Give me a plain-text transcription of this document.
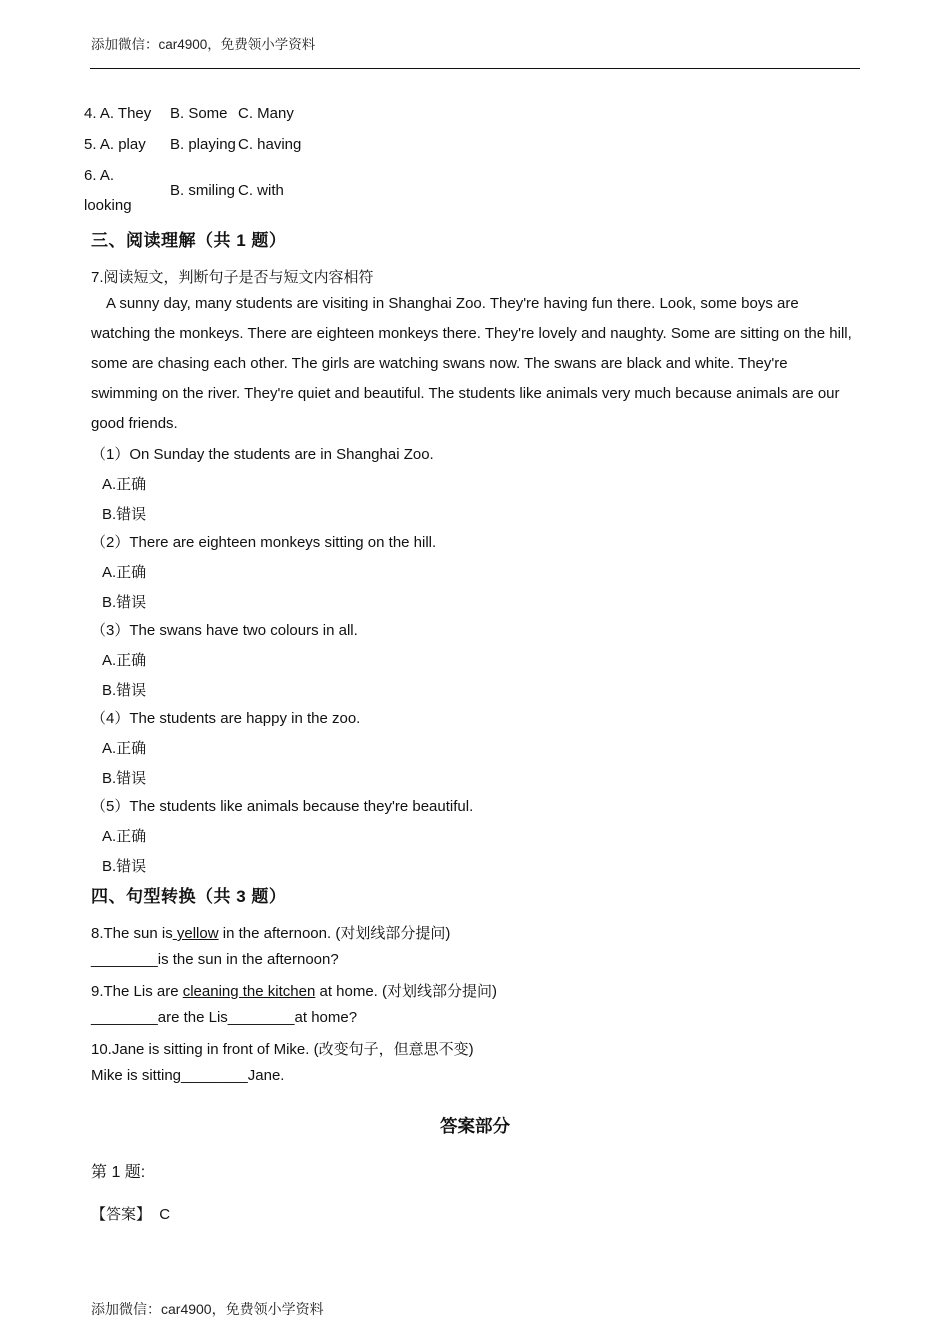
添加微信：car4900，免费领小学资料
4. A. They B. Some C. Many
5. A. play B. playing C. having
6. A.
looking
B. smiling C. with
三、阅读理解（共 1 题）
7.阅读短文，判断句子是否与短文内容相符
A sunny day, many students are visiting in Shanghai Zoo. They're having fun there. Look, some boys are watching the monkeys. There are eighteen monkeys there. They're lovely and naughty. Some are sitting on the hill, some are chasing each other. The girls are watching swans now. The swans are black and white. They're swimming on the river. They're quiet and beautiful. The students like animals very much because animals are our good friends.
（1）On Sunday the students are in Shanghai Zoo.
A.正确
B.错误
（2）There are eighteen monkeys sitting on the hill.
A.正确
B.错误
（3）The swans have two colours in all.
A.正确
B.错误
（4）The students are happy in the zoo.
A.正确
B.错误
（5）The students like animals because they're beautiful.
A.正确
B.错误
四、句型转换（共 3 题）
8.The sun is yellow in the afternoon. (对划线部分提问)
________is the sun in the afternoon?
9.The Lis are cleaning the kitchen at home. (对划线部分提问)
________are the Lis________at home?
10.Jane is sitting in front of Mike. (改变句子，但意思不变)
Mike is sitting________Jane.
答案部分
第 1 题:
【答案】 C
添加微信：car4900，免费领小学资料
